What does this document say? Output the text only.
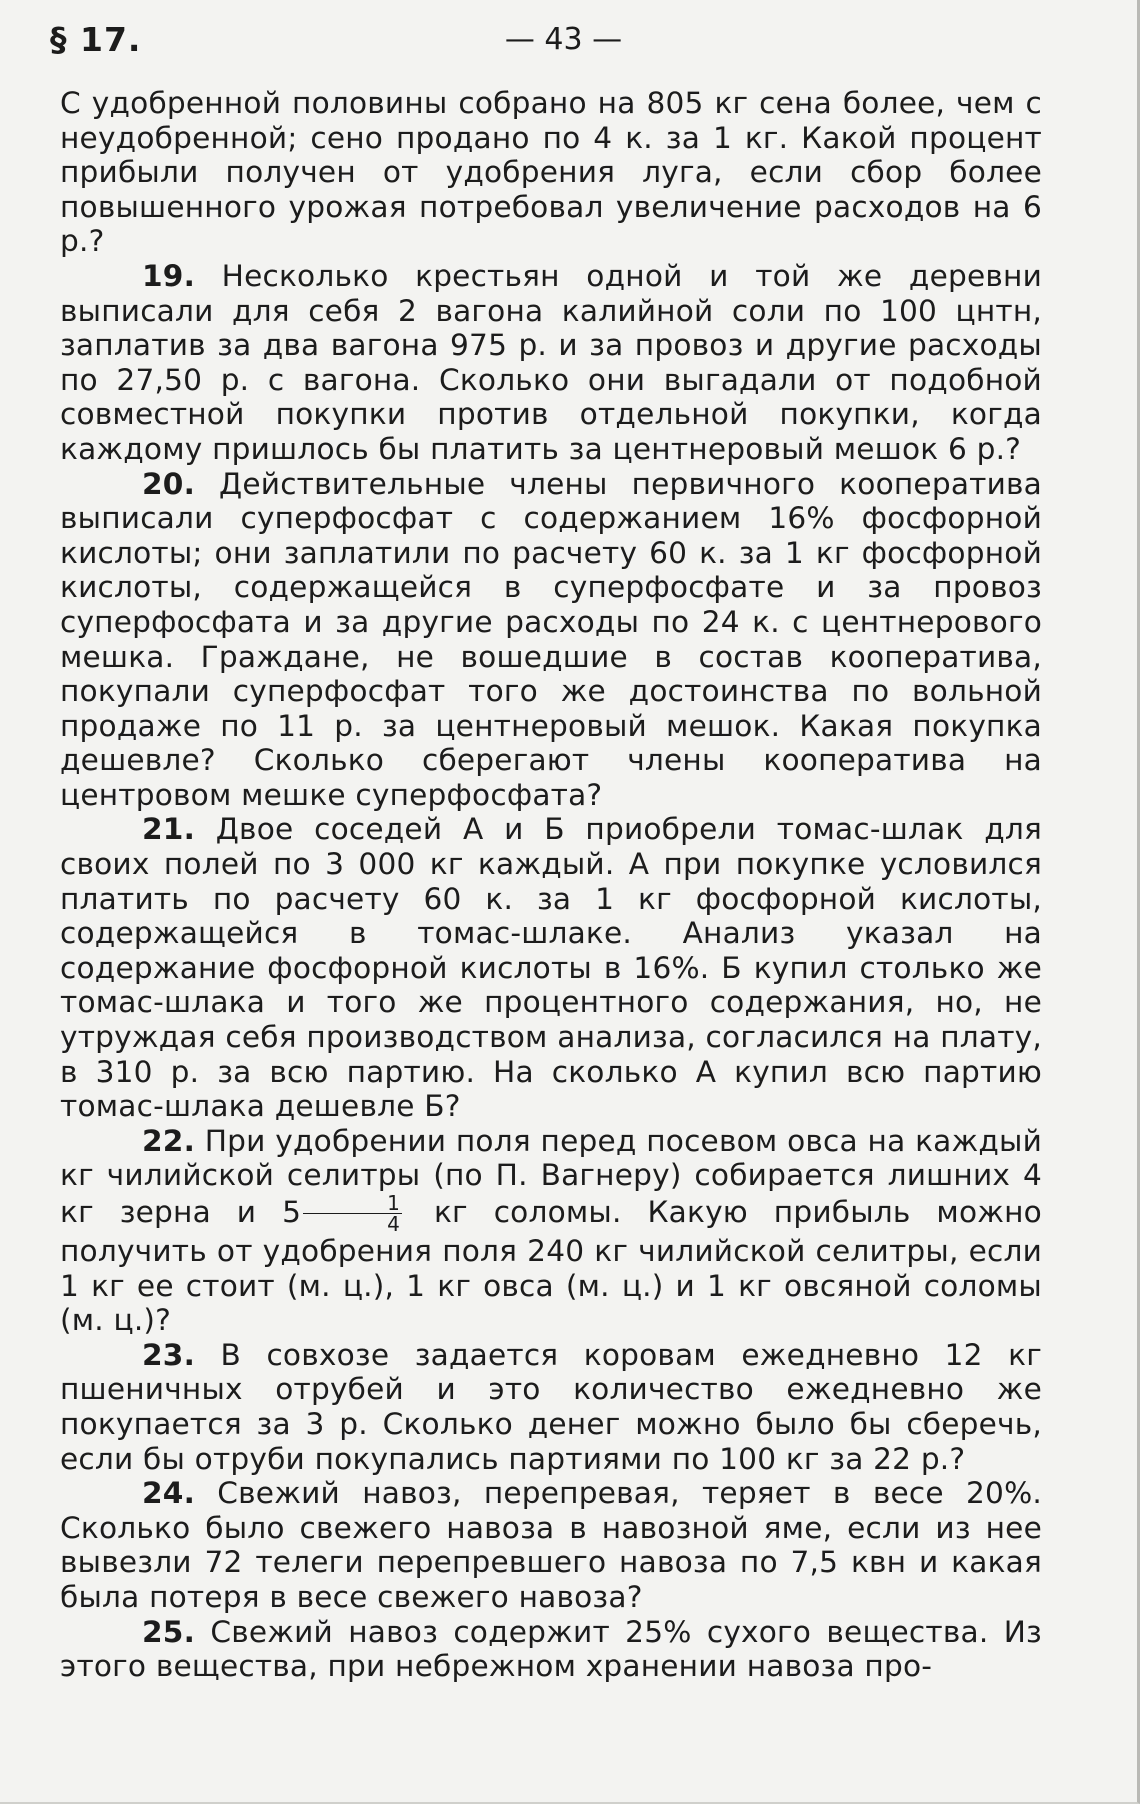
§ 17.	— 43 —

С удобренной половины собрано на 805 кг сена более, чем с неудобренной; сено продано по 4 к. за 1 кг. Какой процент прибыли получен от удобрения луга, если сбор более повышенного урожая потребовал увеличение расходов на 6 р.?

19. Несколько крестьян одной и той же деревни выписали для себя 2 вагона калийной соли по 100 цнтн, заплатив за два вагона 975 р. и за провоз и другие расходы по 27,50 р. с вагона. Сколько они выгадали от подобной совместной покупки против отдельной покупки, когда каждому пришлось бы платить за центнеровый мешок 6 р.?

20. Действительные члены первичного кооператива выписали суперфосфат с содержанием 16% фосфорной кислоты; они заплатили по расчету 60 к. за 1 кг фосфорной кислоты, содержащейся в суперфосфате и за провоз суперфосфата и за другие расходы по 24 к. с центнерового мешка. Граждане, не вошедшие в состав кооператива, покупали суперфосфат того же достоинства по вольной продаже по 11 р. за центнеровый мешок. Какая покупка дешевле? Сколько сберегают члены кооператива на центровом мешке суперфосфата?

21. Двое соседей А и Б приобрели томас-шлак для своих полей по 3 000 кг каждый. А при покупке условился платить по расчету 60 к. за 1 кг фосфорной кислоты, содержащейся в томас-шлаке. Анализ указал на содержание фосфорной кислоты в 16%. Б купил столько же томас-шлака и того же процентного содержания, но, не утруждая себя производством анализа, согласился на плату, в 310 р. за всю партию. На сколько А купил всю партию томас-шлака дешевле Б?

22. При удобрении поля перед посевом овса на каждый кг чилийской селитры (по П. Вагнеру) собирается лишних 4 кг зерна и $5 \frac{1}{4}$ кг соломы. Какую прибыль можно получить от удобрения поля 240 кг чилийской селитры, если 1 кг ее стоит (м. ц.), 1 кг овса (м. ц.) и 1 кг овсяной соломы (м. ц.)?

23. В совхозе задается коровам ежедневно 12 кг пшеничных отрубей и это количество ежедневно же покупается за 3 р. Сколько денег можно было бы сберечь, если бы отруби покупались партиями по 100 кг за 22 р.?

24. Свежий навоз, перепревая, теряет в весе 20%. Сколько было свежего навоза в навозной яме, если из нее вывезли 72 телеги перепревшего навоза по 7,5 квн и какая была потеря в весе свежего навоза?

25. Свежий навоз содержит 25% сухого вещества. Из этого вещества, при небрежном хранении навоза про-
